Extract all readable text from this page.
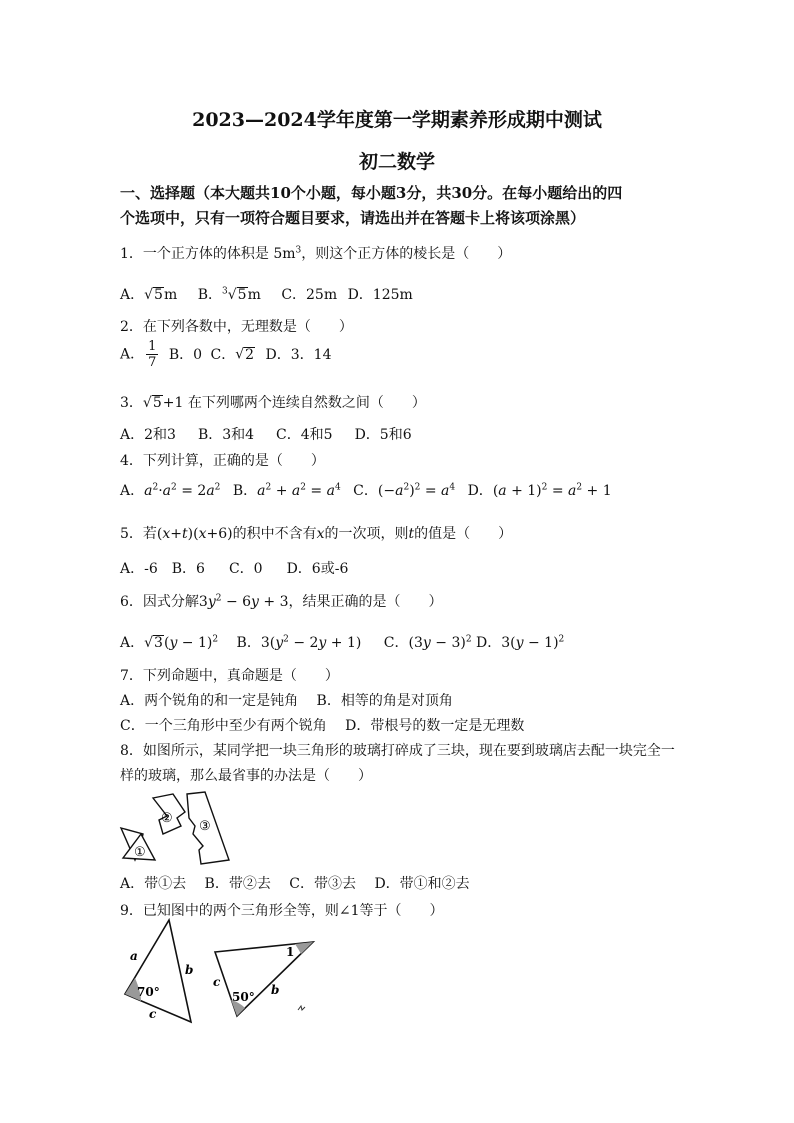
2023—2024学年度第一学期素养形成期中测试
初二数学
一、选择题（本大题共10个小题，每小题3分，共30分。在每小题给出的四
个选项中，只有一项符合题目要求，请选出并在答题卡上将该项涂黑）
1．一个正方体的体积是 $5m^3$，则这个正方体的棱长是（　　）
A．√5m B．$^3$√5m C．25m D．125m
2．在下列各数中，无理数是（　　）
A． $\frac{1}{7}$ B．0 C．√2 D．3．14
3．√5+1 在下列哪两个连续自然数之间（　　）
A．2和3 B．3和4 C．4和5 D．5和6
4．下列计算，正确的是（　　）
A．$a^2\cdot a^2 = 2a^2$ B．$a^2 + a^2 = a^4$ C．$(-a^2)^2 = a^4$ D．$(a + 1)^2 = a^2 + 1$
5．若(x+t)(x+6)的积中不含有x的一次项，则t的值是（　　）
A．-6 B．6 C．0 D．6或-6
6．因式分解$3y^2 - 6y + 3$，结果正确的是（　　）
A．$√3(y - 1)^2$ B．$3(y^2 - 2y + 1)$ C．$(3y - 3)^2$ D．$3(y - 1)^2$
7．下列命题中，真命题是（　　）
A．两个锐角的和一定是钝角　 B．相等的角是对顶角
C．一个三角形中至少有两个锐角　 D．带根号的数一定是无理数
8．如图所示，某同学把一块三角形的玻璃打碎成了三块，现在要到玻璃店去配一块完全一
样的玻璃，那么最省事的办法是（　　）
①
②
③
A．带①去　 B．带②去　 C．带③去　 D．带①和②去
9．已知图中的两个三角形全等，则∠1等于（　　）
a
b
c
70°
c
b
50°
1
